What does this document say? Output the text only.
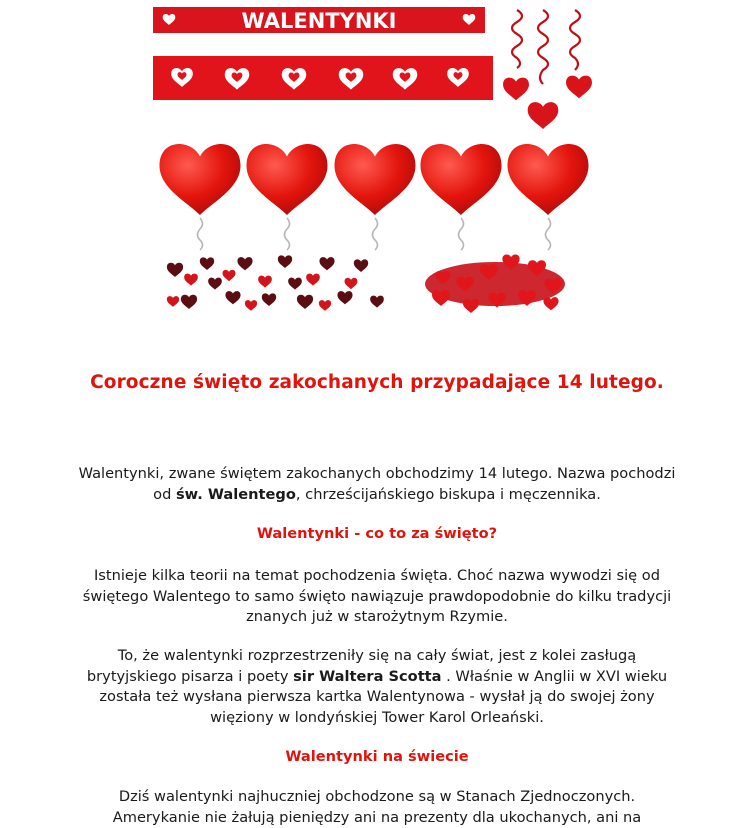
WALENTYNKI
Coroczne święto zakochanych przypadające 14 lutego.

Walentynki, zwane świętem zakochanych obchodzimy 14 lutego. Nazwa pochodzi od św. Walentego, chrześcijańskiego biskupa i męczennika.

Walentynki - co to za święto?

Istnieje kilka teorii na temat pochodzenia święta. Choć nazwa wywodzi się od świętego Walentego to samo święto nawiązuje prawdopodobnie do kilku tradycji znanych już w starożytnym Rzymie.

To, że walentynki rozprzestrzeniły się na cały świat, jest z kolei zasługą brytyjskiego pisarza i poety sir Waltera Scotta . Właśnie w Anglii w XVI wieku została też wysłana pierwsza kartka Walentynowa - wysłał ją do swojej żony więziony w londyńskiej Tower Karol Orleański.

Walentynki na świecie

Dziś walentynki najhuczniej obchodzone są w Stanach Zjednoczonych. Amerykanie nie żałują pieniędzy ani na prezenty dla ukochanych, ani na
